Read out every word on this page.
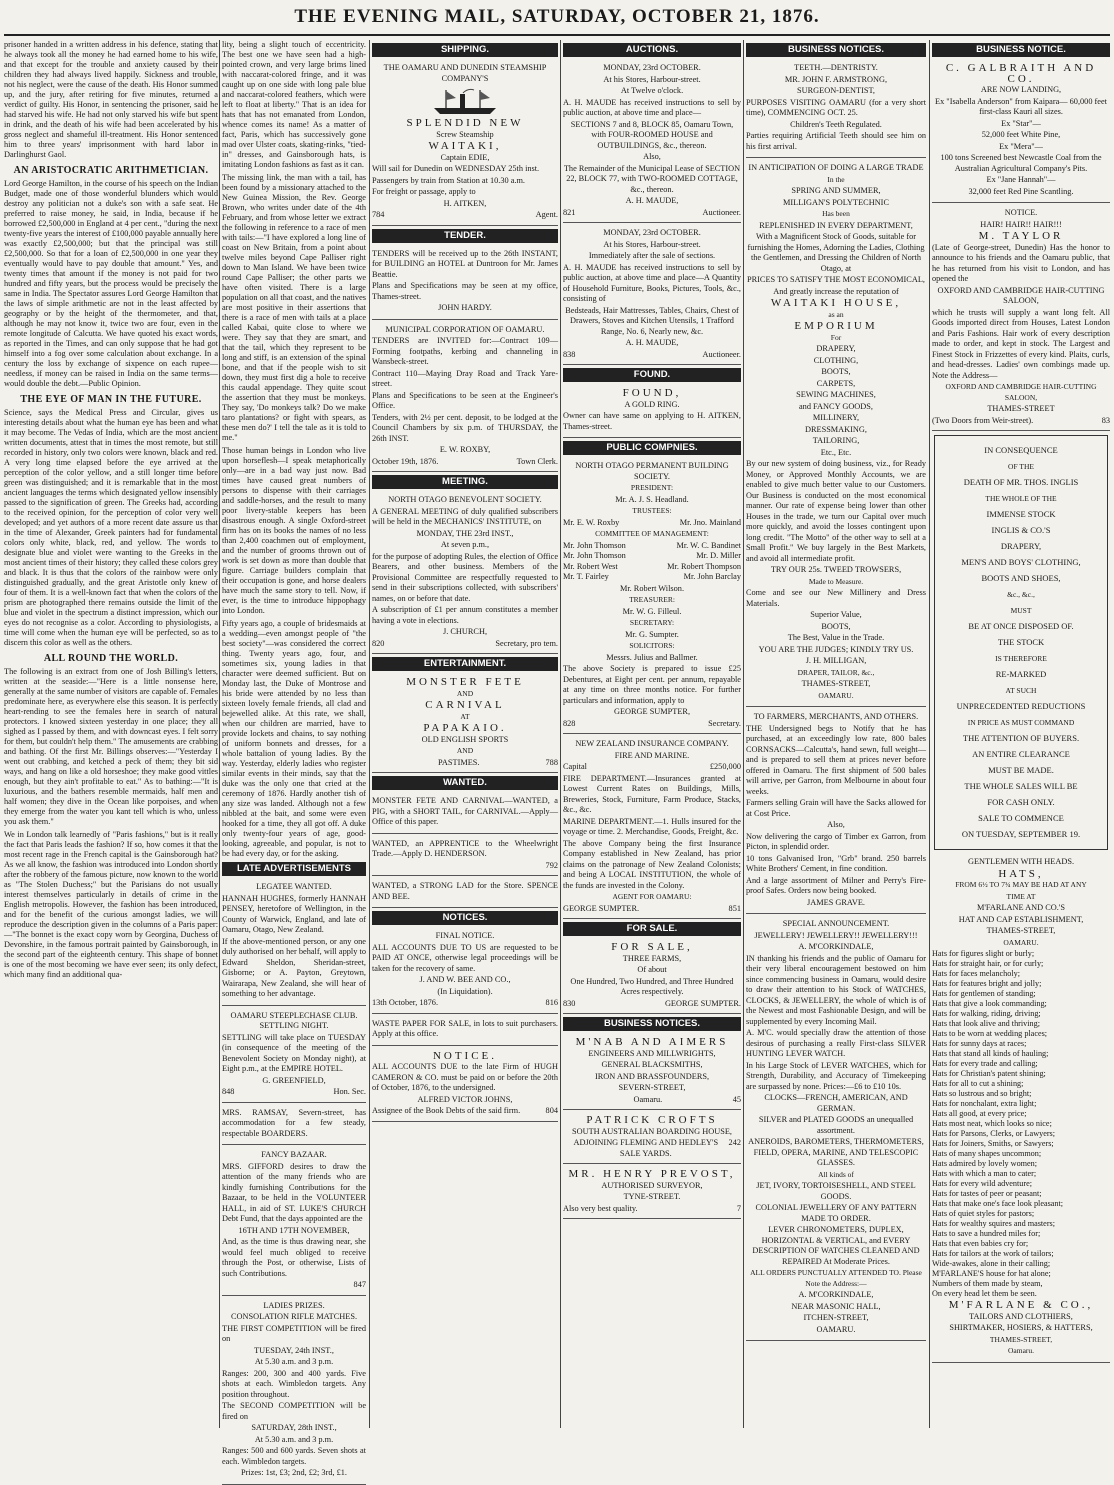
THE EVENING MAIL, SATURDAY, OCTOBER 21, 1876.

prisoner handed in a written address in his defence, stating that he always took all the money he had earned home to his wife, and that except for the trouble and anxiety caused by their children they had always lived happily. Sickness and trouble, not his neglect, were the cause of the death. His Honor summed up, and the jury, after retiring for five minutes, returned a verdict of guilty. His Honor, in sentencing the prisoner, said he had starved his wife. He had not only starved his wife but spent in drink, and the death of his wife had been accelerated by his gross neglect and shameful ill-treatment. His Honor sentenced him to three years' imprisonment with hard labor in Darlinghurst Gaol.

AN ARISTOCRATIC ARITHMETICIAN.

Lord George Hamilton, in the course of his speech on the Indian Budget, made one of those wonderful blunders which would destroy any politician not a duke's son with a safe seat. He preferred to raise money, he said, in India, because if he borrowed £2,500,000 in England at 4 per cent., "during the next twenty-five years the interest of £100,000 payable annually here was exactly £2,500,000; but that the principal was still £2,500,000. So that for a loan of £2,500,000 in one year they eventually would have to pay double that amount." Yes, and twenty times that amount if the money is not paid for two hundred and fifty years, but the process would be precisely the same in India. The Spectator assures Lord George Hamilton that the laws of simple arithmetic are not in the least affected by geography or by the height of the thermometer, and that, although he may not know it, twice two are four, even in the remote longitude of Calcutta. We have quoted his exact words, as reported in the Times, and can only suppose that he had got himself into a fog over some calculation about exchange. In a century the loss by exchange of sixpence on each rupee—needless, if money can be raised in India on the same terms—would double the debt.—Public Opinion.

THE EYE OF MAN IN THE FUTURE.

Science, says the Medical Press and Circular, gives us interesting details about what the human eye has been and what it may become. The Vedas of India, which are the most ancient written documents, attest that in times the most remote, but still recorded in history, only two colors were known, black and red. A very long time elapsed before the eye arrived at the perception of the color yellow, and a still longer time before green was distinguished; and it is remarkable that in the most ancient languages the terms which designated yellow insensibly passed to the signification of green. The Greeks had, according to the received opinion, for the perception of color very well developed; and yet authors of a more recent date assure us that in the time of Alexander, Greek painters had for fundamental colors only white, black, red, and yellow. The words to designate blue and violet were wanting to the Greeks in the most ancient times of their history; they called these colors grey and black. It is thus that the colors of the rainbow were only distinguished gradually, and the great Aristotle only knew of four of them. It is a well-known fact that when the colors of the prism are photographed there remains outside the limit of the blue and violet in the spectrum a distinct impression, which our eyes do not recognise as a color. According to physiologists, a time will come when the human eye will be perfected, so as to discern this color as well as the others.

ALL ROUND THE WORLD.

The following is an extract from one of Josh Billing's letters, written at the seaside:—"Here is a little nonsense here, generally at the same number of visitors are capable of. Females predominate here, as everywhere else this season. It is perfectly heart-rending to see the females here in search of natural protectors. I knowed sixteen yesterday in one place; they all sighed as I passed by them, and with downcast eyes. I felt sorry for them, but couldn't help them." The amusements are crabbing and bathing. Of the first Mr. Billings observes:—"Yesterday I went out crabbing, and ketched a peck of them; they bit sid ways, and hang on like a old horseshoe; they make good vittles enough, but they ain't profitable to eat." As to bathing:—"It is luxurious, and the bathers resemble mermaids, half men and half women; they dive in the Ocean like porpoises, and when they emerge from the water you kant tell which is who, unless you ask them."

We in London talk learnedly of "Paris fashions," but is it really the fact that Paris leads the fashion? If so, how comes it that the most recent rage in the French capital is the Gainsborough hat? As we all know, the fashion was introduced into London shortly after the robbery of the famous picture, now known to the world as "The Stolen Duchess;" but the Parisians do not usually interest themselves particularly in details of crime in the English metropolis. However, the fashion has been introduced, and for the benefit of the curious amongst ladies, we will reproduce the description given in the columns of a Paris paper:—"The bonnet is the exact copy worn by Georgina, Duchess of Devonshire, in the famous portrait painted by Gainsborough, in the second part of the eighteenth century. This shape of bonnet is one of the most becoming we have ever seen; its only defect, which many find an additional qua-

lity, being a slight touch of eccentricity. The best one we have seen had a high-pointed crown, and very large brims lined with naccarat-colored fringe, and it was caught up on one side with long pale blue and naccarat-colored feathers, which were left to float at liberty." That is an idea for hats that has not emanated from London, whence comes its name! As a matter of fact, Paris, which has successively gone mad over Ulster coats, skating-rinks, "tied-in" dresses, and Gainsborough hats, is imitating London fashions as fast as it can.

The missing link, the man with a tail, has been found by a missionary attached to the New Guinea Mission, the Rev. George Brown, who writes under date of the 4th February, and from whose letter we extract the following in reference to a race of men with tails:—"I have explored a long line of coast on New Britain, from a point about twelve miles beyond Cape Palliser right down to Man Island. We have been twice round Cape Palliser; the other parts we have often visited. There is a large population on all that coast, and the natives are most positive in their assertions that there is a race of men with tails at a place called Kabai, quite close to where we were. They say that they are smart, and that the tail, which they represent to be long and stiff, is an extension of the spinal bone, and that if the people wish to sit down, they must first dig a hole to receive this caudal appendage. They quite scout the assertion that they must be monkeys. They say, 'Do monkeys talk? Do we make taro plantations? or fight with spears, as these men do?' I tell the tale as it is told to me."

Those human beings in London who live upon horseflesh—I speak metaphorically only—are in a bad way just now. Bad times have caused great numbers of persons to dispense with their carriages and saddle-horses, and the result to many poor livery-stable keepers has been disastrous enough. A single Oxford-street firm has on its books the names of no less than 2,400 coachmen out of employment, and the number of grooms thrown out of work is set down as more than double that figure. Carriage builders complain that their occupation is gone, and horse dealers have much the same story to tell. Now, if ever, is the time to introduce hippophagy into London.

Fifty years ago, a couple of bridesmaids at a wedding—even amongst people of "the best society"—was considered the correct thing. Twenty years ago, four, and sometimes six, young ladies in that character were deemed sufficient. But on Monday last, the Duke of Montrose and his bride were attended by no less than sixteen lovely female friends, all clad and bejewelled alike. At this rate, we shall, when our children are married, have to provide lockets and chains, to say nothing of uniform bonnets and dresses, for a whole battalion of young ladies. By the way. Yesterday, elderly ladies who register similar events in their minds, say that the duke was the only one that cried at the ceremony of 1876. Hardly another tish of any size was landed. Although not a few nibbled at the bait, and some were even hooked for a time, they all got off. A duke only twenty-four years of age, good-looking, agreeable, and popular, is not to be had every day, or for the asking.

LATE ADVERTISEMENTS
LEGATEE WANTED.
HANNAH HUGHES, formerly HANNAH PENSEY, heretofore of Wellington, in the County of Warwick, England, and late of Oamaru, Otago, New Zealand.
If the above-mentioned person, or any one duly authorised on her behalf, will apply to Edward Sheldon, Sheridan-street, Gisborne; or A. Payton, Greytown, Wairarapa, New Zealand, she will hear of something to her advantage.
OAMARU STEEPLECHASE CLUB. SETTLING NIGHT.
SETTLING will take place on TUESDAY (in consequence of the meeting of the Benevolent Society on Monday night), at Eight p.m., at the EMPIRE HOTEL.
G. GREENFIELD,
848	Hon. Sec.
MRS. RAMSAY, Severn-street, has accommodation for a few steady, respectable BOARDERS.
FANCY BAZAAR.
MRS. GIFFORD desires to draw the attention of the many friends who are kindly furnishing Contributions for the Bazaar, to be held in the VOLUNTEER HALL, in aid of ST. LUKE'S CHURCH Debt Fund, that the days appointed are the
16TH AND 17TH NOVEMBER,
And, as the time is thus drawing near, she would feel much obliged to receive through the Post, or otherwise, Lists of such Contributions.
847
LADIES PRIZES.
CONSOLATION RIFLE MATCHES.
THE FIRST COMPETITION will be fired on
TUESDAY, 24th INST.,
At 5.30 a.m. and 3 p.m.
Ranges: 200, 300 and 400 yards. Five shots at each. Wimbledon targets. Any position throughout.
The SECOND COMPETITION will be fired on
SATURDAY, 28th INST.,
At 5.30 a.m. and 3 p.m.
Ranges: 500 and 600 yards. Seven shots at each. Wimbledon targets.
Prizes: 1st, £3; 2nd, £2; 3rd, £1.
SHIPPING.
THE OAMARU AND DUNEDIN STEAMSHIP COMPANY'S
SPLENDID NEW
Screw Steamship
WAITAKI,
Captain EDIE,
Will sail for Dunedin on WEDNESDAY 25th inst.
Passengers by train from Station at 10.30 a.m.
For freight or passage, apply to
H. AITKEN,
784	Agent.
TENDER.
TENDERS will be received up to the 26th INSTANT, for BUILDING an HOTEL at Duntroon for Mr. James Beattie.
Plans and Specifications may be seen at my office, Thames-street.
JOHN HARDY.
MUNICIPAL CORPORATION OF OAMARU.
TENDERS are INVITED for:—Contract 109—Forming footpaths, kerbing and channeling in Wansbeck-street.
Contract 110—Maying Dray Road and Track Yare-street.
Plans and Specifications to be seen at the Engineer's Office.
Tenders, with 2½ per cent. deposit, to be lodged at the Council Chambers by six p.m. of THURSDAY, the 26th INST.
E. W. ROXBY,
October 19th, 1876.	Town Clerk.
MEETING.
NORTH OTAGO BENEVOLENT SOCIETY.
A GENERAL MEETING of duly qualified subscribers will be held in the MECHANICS' INSTITUTE, on
MONDAY, THE 23rd INST.,
At seven p.m.,
for the purpose of adopting Rules, the election of Office Bearers, and other business. Members of the Provisional Committee are respectfully requested to send in their subscriptions collected, with subscribers' names, on or before that date.
A subscription of £1 per annum constitutes a member having a vote in elections.
J. CHURCH,
820	Secretary, pro tem.
ENTERTAINMENT.
MONSTER FETE
AND
CARNIVAL
AT
PAPAKAIO.
OLD ENGLISH SPORTS
AND
PASTIMES.	788
WANTED.
MONSTER FETE AND CARNIVAL—WANTED, a PIG, with a SHORT TAIL, for CARNIVAL.—Apply—Office of this paper.
WANTED, an APPRENTICE to the Wheelwright Trade.—Apply D. HENDERSON.
792
WANTED, a STRONG LAD for the Store. SPENCE AND BEE.
NOTICES.
FINAL NOTICE.
ALL ACCOUNTS DUE TO US are requested to be PAID AT ONCE, otherwise legal proceedings will be taken for the recovery of same.
J. AND W. BEE AND CO.,
(In Liquidation).
13th October, 1876.	816
WASTE PAPER FOR SALE, in lots to suit purchasers. Apply at this office.
NOTICE.
ALL ACCOUNTS DUE to the late Firm of HUGH CAMERON & CO. must be paid on or before the 20th of October, 1876, to the undersigned.
ALFRED VICTOR JOHNS,
Assignee of the Book Debts of the said firm.	804
AUCTIONS.
MONDAY, 23rd OCTOBER.
At his Stores, Harbour-street.
At Twelve o'clock.
A. H. MAUDE has received instructions to sell by public auction, at above time and place—
SECTIONS 7 and 8, BLOCK 85, Oamaru Town, with FOUR-ROOMED HOUSE and OUTBUILDINGS, &c., thereon.
Also,
The Remainder of the Municipal Lease of SECTION 22, BLOCK 77, with TWO-ROOMED COTTAGE, &c., thereon.
A. H. MAUDE,
821	Auctioneer.
MONDAY, 23rd OCTOBER.
At his Stores, Harbour-street.
Immediately after the sale of sections.
A. H. MAUDE has received instructions to sell by public auction, at above time and place—A Quantity of Household Furniture, Books, Pictures, Tools, &c., consisting of
Bedsteads, Hair Mattresses, Tables, Chairs, Chest of Drawers, Stoves and Kitchen Utensils, 1 Trafford Range, No. 6, Nearly new, &c.
A. H. MAUDE,
838	Auctioneer.
FOUND.
FOUND,
A GOLD RING.
Owner can have same on applying to H. AITKEN, Thames-street.
PUBLIC COMPNIES.
NORTH OTAGO PERMANENT BUILDING SOCIETY.
PRESIDENT:
Mr. A. J. S. Headland.
TRUSTEES:
Mr. E. W. Roxby	Mr. Jno. Mainland
COMMITTEE OF MANAGEMENT:
Mr. John Thomson	Mr. W. C. Bandinet
Mr. John Thomson	Mr. D. Miller
Mr. Robert West	Mr. Robert Thompson
Mr. T. Fairley	Mr. John Barclay
Mr. Robert Wilson.
TREASURER:
Mr. W. G. Filleul.
SECRETARY:
Mr. G. Sumpter.
SOLICITORS:
Messrs. Julius and Ballmer.
The above Society is prepared to issue £25 Debentures, at Eight per cent. per annum, repayable at any time on three months notice. For further particulars and information, apply to
GEORGE SUMPTER,
828	Secretary.
NEW ZEALAND INSURANCE COMPANY.
FIRE AND MARINE.
Capital	£250,000
FIRE DEPARTMENT.—Insurances granted at Lowest Current Rates on Buildings, Mills, Breweries, Stock, Furniture, Farm Produce, Stacks, &c., &c.
MARINE DEPARTMENT.—1. Hulls insured for the voyage or time. 2. Merchandise, Goods, Freight, &c.
The above Company being the first Insurance Company established in New Zealand, has prior claims on the patronage of New Zealand Colonists; and being A LOCAL INSTITUTION, the whole of the funds are invested in the Colony.
AGENT FOR OAMARU:
GEORGE SUMPTER.	851
FOR SALE.
FOR SALE,
THREE FARMS,
Of about
One Hundred, Two Hundred, and Three Hundred Acres respectively.
830	GEORGE SUMPTER.
BUSINESS NOTICES.
M'NAB AND AIMERS
ENGINEERS AND MILLWRIGHTS,
GENERAL BLACKSMITHS,
IRON AND BRASSFOUNDERS,
SEVERN-STREET,
Oamaru.	45
PATRICK CROFTS
SOUTH AUSTRALIAN BOARDING HOUSE,
ADJOINING FLEMING AND HEDLEY'S SALE YARDS.
242
MR. HENRY PREVOST,
AUTHORISED SURVEYOR,
TYNE-STREET.
Also very best quality.	7
BUSINESS NOTICES.
TEETH.—DENTRISTY.
MR. JOHN F. ARMSTRONG,
SURGEON-DENTIST,
PURPOSES VISITING OAMARU (for a very short time), COMMENCING OCT. 25.
Children's Teeth Regulated.
Parties requiring Artificial Teeth should see him on his first arrival.
IN ANTICIPATION OF DOING A LARGE TRADE
In the
SPRING AND SUMMER,
MILLIGAN'S POLYTECHNIC
Has been
REPLENISHED IN EVERY DEPARTMENT,
With a Magnificent Stock of Goods, suitable for furnishing the Homes, Adorning the Ladies, Clothing the Gentlemen, and Dressing the Children of North Otago, at
PRICES TO SATISFY THE MOST ECONOMICAL,
And greatly increase the reputation of
WAITAKI HOUSE,
as an
EMPORIUM
For
DRAPERY,
CLOTHING,
BOOTS,
CARPETS,
SEWING MACHINES,
and FANCY GOODS,
MILLINERY,
DRESSMAKING,
TAILORING,
Etc., Etc.
By our new system of doing business, viz., for Ready Money, or Approved Monthly Accounts, we are enabled to give much better value to our Customers. Our Business is conducted on the most economical manner. Our rate of expense being lower than other Houses in the trade, we turn our Capital over much more quickly, and avoid the losses contingent upon long credit. "The Motto" of the other way to sell at a Small Profit." We buy largely in the Best Markets, and avoid all intermediate profit.
TRY OUR 25s. TWEED TROWSERS,
Made to Measure.
Come and see our New Millinery and Dress Materials.
Superior Value,
BOOTS,
The Best, Value in the Trade.
YOU ARE THE JUDGES; KINDLY TRY US.
J. H. MILLIGAN,
DRAPER, TAILOR, &c.,
THAMES-STREET,
OAMARU.
TO FARMERS, MERCHANTS, AND OTHERS.
THE Undersigned begs to Notify that he has purchased, at an exceedingly low rate, 800 bales CORNSACKS—Calcutta's, hand sewn, full weight—and is prepared to sell them at prices never before offered in Oamaru. The first shipment of 500 bales will arrive, per Garron, from Melbourne in about four weeks.
Farmers selling Grain will have the Sacks allowed for at Cost Price.
Also,
Now delivering the cargo of Timber ex Garron, from Picton, in splendid order.
10 tons Galvanised Iron, "Grb" brand. 250 barrels White Brothers' Cement, in fine condition.
And a large assortment of Milner and Perry's Fire-proof Safes. Orders now being booked.
JAMES GRAVE.
SPECIAL ANNOUNCEMENT.
JEWELLERY! JEWELLERY!! JEWELLERY!!!
A. M'CORKINDALE,
IN thanking his friends and the public of Oamaru for their very liberal encouragement bestowed on him since commencing business in Oamaru, would desire to draw their attention to his Stock of WATCHES, CLOCKS, & JEWELLERY, the whole of which is of the Newest and most Fashionable Design, and will be supplemented by every Incoming Mail.
A. M'C. would specially draw the attention of those desirous of purchasing a really First-class SILVER HUNTING LEVER WATCH.
In his Large Stock of LEVER WATCHES, which for Strength, Durability, and Accuracy of Timekeeping are surpassed by none. Prices:—£6 to £10 10s.
CLOCKS—FRENCH, AMERICAN, AND GERMAN.
SILVER and PLATED GOODS an unequalled assortment.
ANEROIDS, BAROMETERS, THERMOMETERS, FIELD, OPERA, MARINE, AND TELESCOPIC GLASSES.
All kinds of
JET, IVORY, TORTOISESHELL, AND STEEL GOODS.
COLONIAL JEWELLERY OF ANY PATTERN MADE TO ORDER.
LEVER CHRONOMETERS, DUPLEX, HORIZONTAL & VERTICAL, and EVERY DESCRIPTION OF WATCHES CLEANED AND REPAIRED At Moderate Prices.
ALL ORDERS PUNCTUALLY ATTENDED TO. Please Note the Address:—
A. M'CORKINDALE,
NEAR MASONIC HALL,
ITCHEN-STREET,
OAMARU.
BUSINESS NOTICE.
C. GALBRAITH AND CO.
ARE NOW LANDING,
Ex "Isabella Anderson" from Kaipara— 60,000 feet first-class Kauri all sizes.
Ex "Star"—
52,000 feet White Pine,
Ex "Mera"—
100 tons Screened best Newcastle Coal from the Australian Agricultural Company's Pits.
Ex "Jane Hannah"—
32,000 feet Red Pine Scantling.
NOTICE.
HAIR! HAIR!! HAIR!!!
M. TAYLOR
(Late of George-street, Dunedin) Has the honor to announce to his friends and the Oamaru public, that he has returned from his visit to London, and has opened the
OXFORD AND CAMBRIDGE HAIR-CUTTING SALOON,
which he trusts will supply a want long felt. All Goods imported direct from Houses, Latest London and Paris Fashions. Hair work of every description made to order, and kept in stock. The Largest and Finest Stock in Frizzettes of every kind. Plaits, curls, and head-dresses. Ladies' own combings made up. Note the Address—
OXFORD AND CAMBRIDGE HAIR-CUTTING SALOON,
THAMES-STREET
(Two Doors from Weir-street).	83
IN CONSEQUENCE
OF THE
DEATH OF MR. THOS. INGLIS
THE WHOLE OF THE
IMMENSE STOCK
INGLIS & CO.'S
DRAPERY,
MEN'S AND BOYS' CLOTHING,
BOOTS AND SHOES,
&c., &c.,
MUST
BE AT ONCE DISPOSED OF.
THE STOCK
IS THEREFORE
RE-MARKED
AT SUCH
UNPRECEDENTED REDUCTIONS
IN PRICE AS MUST COMMAND
THE ATTENTION OF BUYERS.
AN ENTIRE CLEARANCE
MUST BE MADE.
THE WHOLE SALES WILL BE
FOR CASH ONLY.
SALE TO COMMENCE
ON TUESDAY, SEPTEMBER 19.
GENTLEMEN WITH HEADS.
HATS,
FROM 6½ TO 7¾ MAY BE HAD AT ANY
TIME AT
M'FARLANE AND CO.'S
HAT AND CAP ESTABLISHMENT,
THAMES-STREET,
OAMARU.

Hats for figures slight or burly;

Hats for straight hair, or for curly;

Hats for faces melancholy;

Hats for features bright and jolly;

Hats for gentlemen of standing;

Hats that give a look commanding;

Hats for walking, riding, driving;

Hats that look alive and thriving;

Hats to be worn at wedding places;

Hats for sunny days at races;

Hats that stand all kinds of hauling;

Hats for every trade and calling;

Hats for Christian's patent shining;

Hats for all to cut a shining;

Hats so lustrous and so bright;

Hats for nonchalant, extra light;

Hats all good, at every price;

Hats most neat, which looks so nice;

Hats for Parsons, Clerks, or Lawyers;

Hats for Joiners, Smiths, or Sawyers;

Hats of many shapes uncommon;

Hats admired by lovely women;

Hats with which a man to cater;

Hats for every wild adventure;

Hats for tastes of peer or peasant;

Hats that make one's face look pleasant;

Hats of quiet styles for pastors;

Hats for wealthy squires and masters;

Hats to save a hundred miles for;

Hats that even babies cry for;

Hats for tailors at the work of tailors;

Wide-awakes, alone in their calling;

M'FARLANE'S house for hat alone;

Numbers of them made by steam,

On every head let them be seen.

M'FARLANE & CO.,
TAILORS AND CLOTHIERS,
SHIRTMAKER, HOSIERS, & HATTERS,
THAMES-STREET,
Oamaru.
